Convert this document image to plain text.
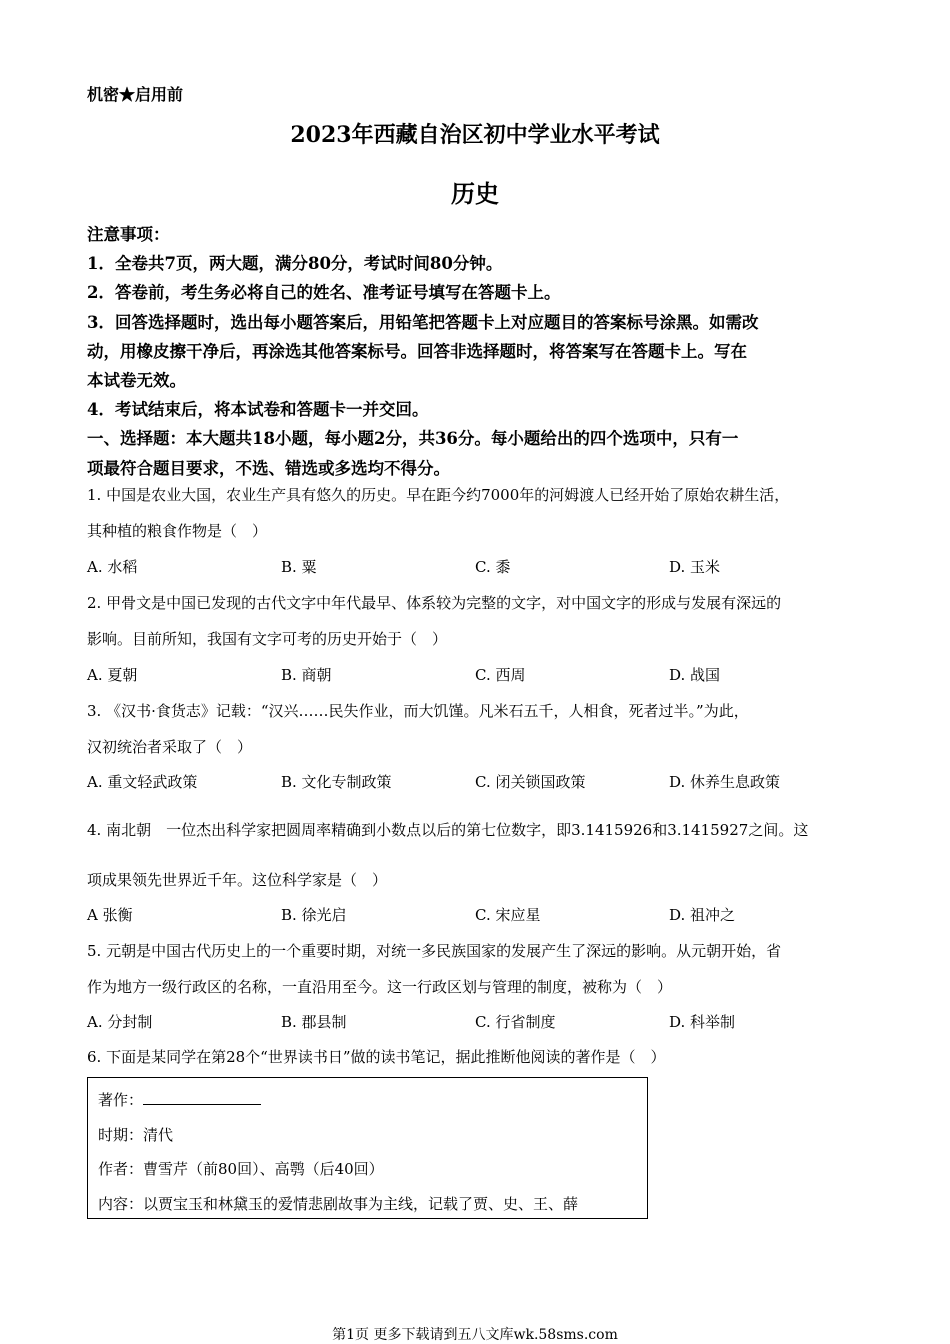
机密★启用前
2023年西藏自治区初中学业水平考试
历史
注意事项：
1．全卷共7页，两大题，满分80分，考试时间80分钟。
2．答卷前，考生务必将自己的姓名、准考证号填写在答题卡上。
3．回答选择题时，选出每小题答案后，用铅笔把答题卡上对应题目的答案标号涂黑。如需改
动，用橡皮擦干净后，再涂选其他答案标号。回答非选择题时，将答案写在答题卡上。写在
本试卷无效。
4．考试结束后，将本试卷和答题卡一并交回。
一、选择题：本大题共18小题，每小题2分，共36分。每小题给出的四个选项中，只有一
项最符合题目要求，不选、错选或多选均不得分。
1. 中国是农业大国，农业生产具有悠久的历史。早在距今约7000年的河姆渡人已经开始了原始农耕生活，
其种植的粮食作物是（　）
A. 水稻	B. 粟	C. 黍	D. 玉米
2. 甲骨文是中国已发现的古代文字中年代最早、体系较为完整的文字，对中国文字的形成与发展有深远的
影响。目前所知，我国有文字可考的历史开始于（　）
A. 夏朝	B. 商朝	C. 西周	D. 战国
3. 《汉书·食货志》记载：“汉兴……民失作业，而大饥馑。凡米石五千，人相食，死者过半。”为此，
汉初统治者采取了（　）
A. 重文轻武政策	B. 文化专制政策	C. 闭关锁国政策	D. 休养生息政策
4. 南北朝　一位杰出科学家把圆周率精确到小数点以后的第七位数字，即3.1415926和3.1415927之间。这
项成果领先世界近千年。这位科学家是（　）
A 张衡	B. 徐光启	C. 宋应星	D. 祖冲之
5. 元朝是中国古代历史上的一个重要时期，对统一多民族国家的发展产生了深远的影响。从元朝开始，省
作为地方一级行政区的名称，一直沿用至今。这一行政区划与管理的制度，被称为（　）
A. 分封制	B. 郡县制	C. 行省制度	D. 科举制
6. 下面是某同学在第28个“世界读书日”做的读书笔记，据此推断他阅读的著作是（　）
著作：
时期：清代
作者：曹雪芹（前80回）、高鹗（后40回）
内容：以贾宝玉和林黛玉的爱情悲剧故事为主线，记载了贾、史、王、薛
第1页 更多下载请到五八文库wk.58sms.com
